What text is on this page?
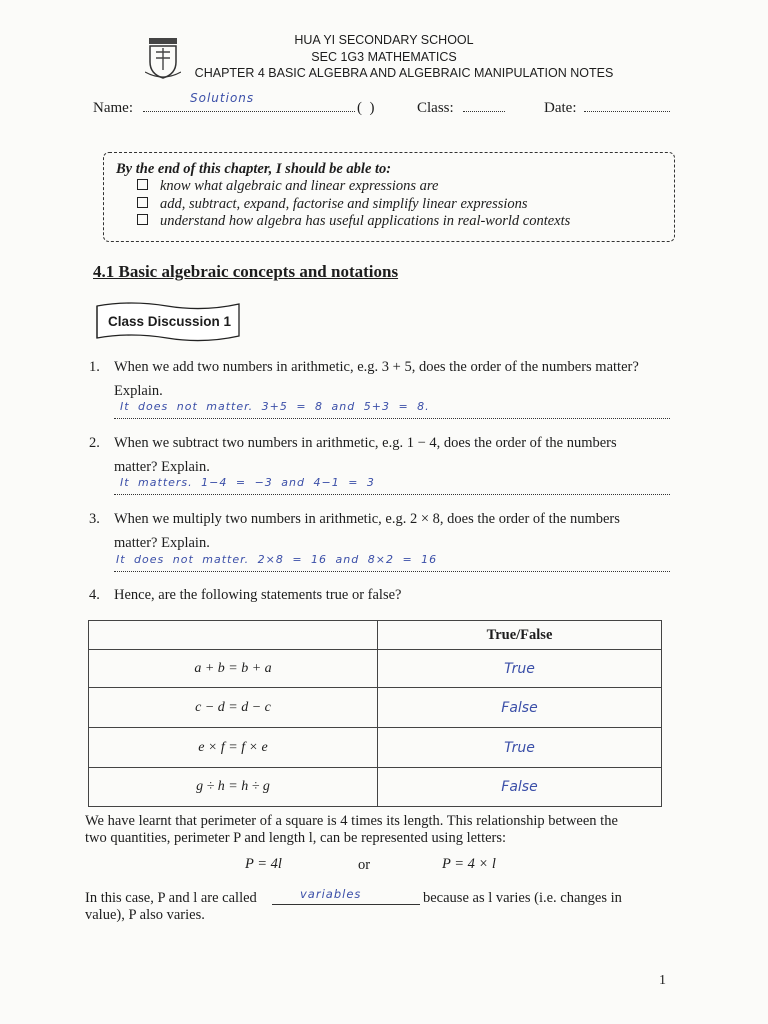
HUA YI SECONDARY SCHOOL
SEC 1G3 MATHEMATICS
CHAPTER 4 BASIC ALGEBRA AND ALGEBRAIC MANIPULATION NOTES
Name:
Solutions
(  )	Class:	Date:
By the end of this chapter, I should be able to:
know what algebraic and linear expressions are
add, subtract, expand, factorise and simplify linear expressions
understand how algebra has useful applications in real-world contexts
4.1 Basic algebraic concepts and notations
Class Discussion 1
1. When we add two numbers in arithmetic, e.g. 3 + 5, does the order of the numbers matter?
Explain.
It does not matter. 3+5 = 8 and 5+3 = 8.
2. When we subtract two numbers in arithmetic, e.g. 1 − 4, does the order of the numbers
matter? Explain.
It matters. 1−4 = −3 and 4−1 = 3
3. When we multiply two numbers in arithmetic, e.g. 2 × 8, does the order of the numbers
matter? Explain.
It does not matter. 2×8 = 16 and 8×2 = 16
4. Hence, are the following statements true or false?
	True/False
a + b = b + a	True
c − d = d − c	False
e × f = f × e	True
g ÷ h = h ÷ g	False
We have learnt that perimeter of a square is 4 times its length. This relationship between the
two quantities, perimeter P and length l, can be represented using letters:
P = 4l	or	P = 4 × l
In this case, P and l are called	variables	because as l varies (i.e. changes in
value), P also varies.
1
